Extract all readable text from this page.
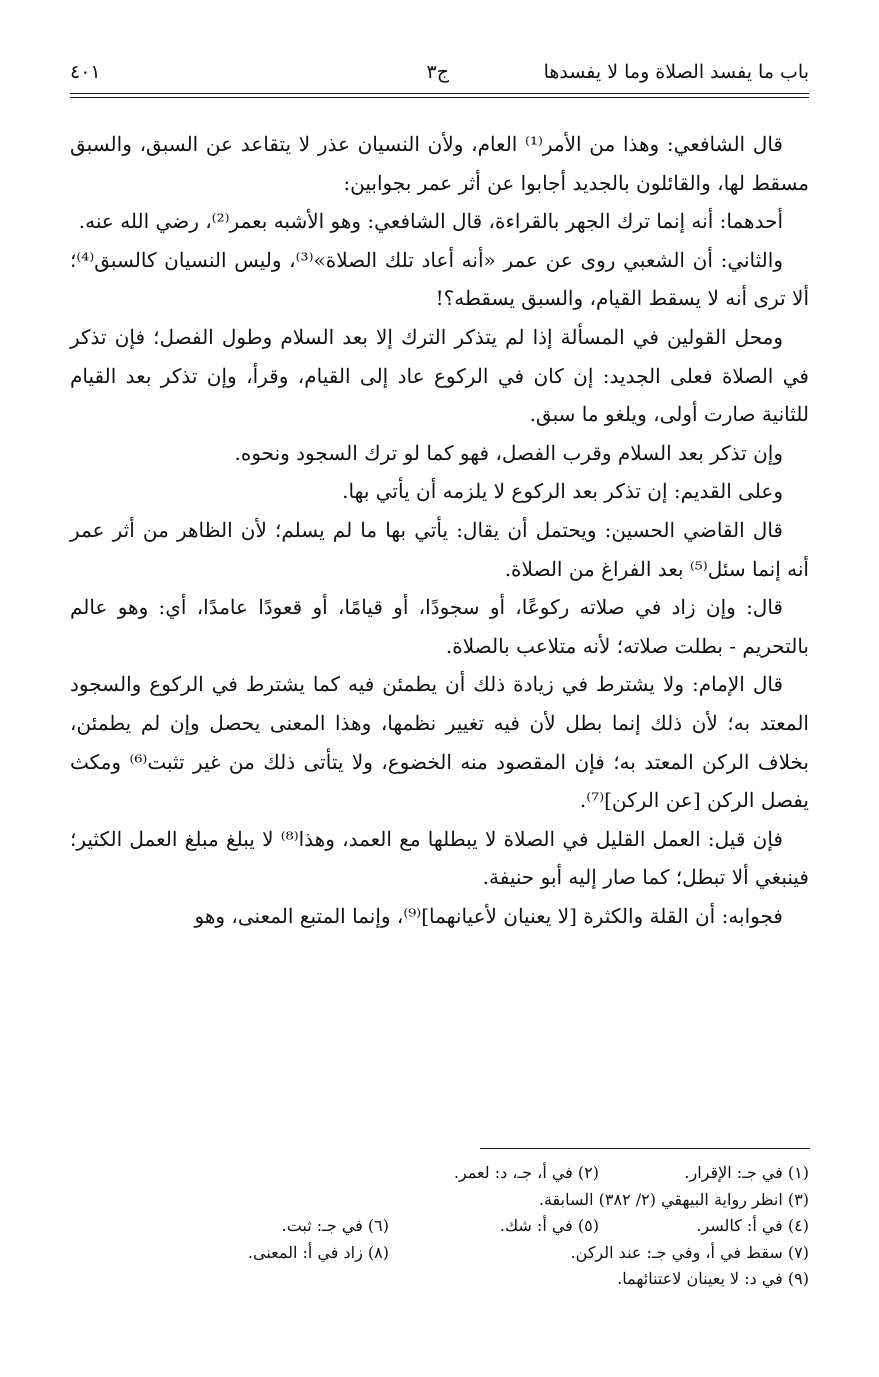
باب ما يفسد الصلاة وما لا يفسدها
ج٣
٤٠١

قال الشافعي: وهذا من الأمر⁽¹⁾ العام، ولأن النسيان عذر لا يتقاعد عن السبق، والسبق مسقط لها، والقائلون بالجديد أجابوا عن أثر عمر بجوابين:

أحدهما: أنه إنما ترك الجهر بالقراءة، قال الشافعي: وهو الأشبه بعمر⁽²⁾، رضي الله عنه.

والثاني: أن الشعبي روى عن عمر «أنه أعاد تلك الصلاة»⁽³⁾، وليس النسيان كالسبق⁽⁴⁾؛ ألا ترى أنه لا يسقط القيام، والسبق يسقطه؟!

ومحل القولين في المسألة إذا لم يتذكر الترك إلا بعد السلام وطول الفصل؛ فإن تذكر في الصلاة فعلى الجديد: إن كان في الركوع عاد إلى القيام، وقرأ، وإن تذكر بعد القيام للثانية صارت أولى، ويلغو ما سبق.

وإن تذكر بعد السلام وقرب الفصل، فهو كما لو ترك السجود ونحوه.

وعلى القديم: إن تذكر بعد الركوع لا يلزمه أن يأتي بها.

قال القاضي الحسين: ويحتمل أن يقال: يأتي بها ما لم يسلم؛ لأن الظاهر من أثر عمر أنه إنما سئل⁽⁵⁾ بعد الفراغ من الصلاة.

قال: وإن زاد في صلاته ركوعًا، أو سجودًا، أو قيامًا، أو قعودًا عامدًا، أي: وهو عالم بالتحريم - بطلت صلاته؛ لأنه متلاعب بالصلاة.

قال الإمام: ولا يشترط في زيادة ذلك أن يطمئن فيه كما يشترط في الركوع والسجود المعتد به؛ لأن ذلك إنما بطل لأن فيه تغيير نظمها، وهذا المعنى يحصل وإن لم يطمئن، بخلاف الركن المعتد به؛ فإن المقصود منه الخضوع، ولا يتأتى ذلك من غير تثبت⁽⁶⁾ ومكث يفصل الركن [عن الركن]⁽⁷⁾.

فإن قيل: العمل القليل في الصلاة لا يبطلها مع العمد، وهذا⁽⁸⁾ لا يبلغ مبلغ العمل الكثير؛ فينبغي ألا تبطل؛ كما صار إليه أبو حنيفة.

فجوابه: أن القلة والكثرة [لا يعنيان لأعيانهما]⁽⁹⁾، وإنما المتبع المعنى، وهو

(١) في جـ: الإقرار.
(٢) في أ، جـ، د: لعمر.
(٣) انظر رواية البيهقي (٢/ ٣٨٢) السابقة.
(٤) في أ: كالسر.
(٥) في أ: شك.
(٦) في جـ: ثبت.
(٧) سقط في أ، وفي جـ: عند الركن.
(٨) زاد في أ: المعنى.
(٩) في د: لا يعينان لاعتنائهما.
